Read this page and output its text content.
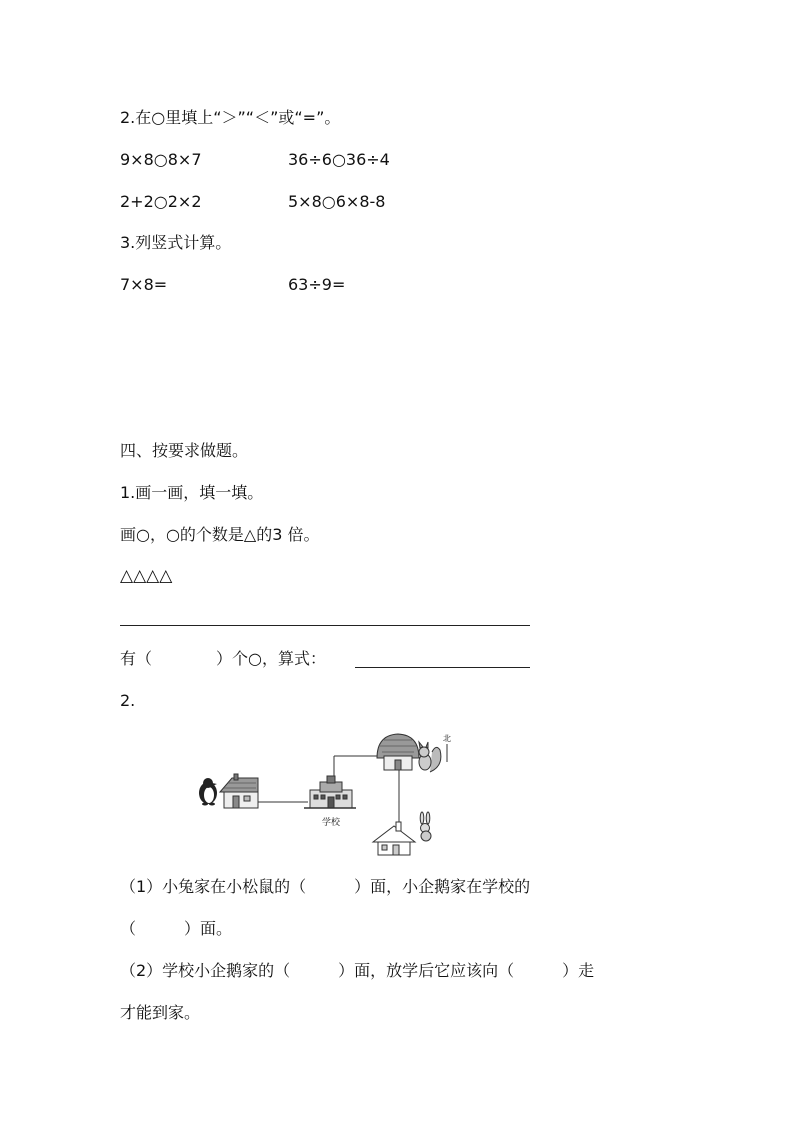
2.在○里填上“＞”“＜”或“=”。
9×8○8×7	36÷6○36÷4
2+2○2×2	5×8○6×8-8
3.列竖式计算。
7×8=	63÷9=
四、按要求做题。
1.画一画，填一填。
画○，○的个数是△的3 倍。
△△△△
有（　　　　）个○，算式：
2.
学校
北
（1）小兔家在小松鼠的（　　　）面，小企鹅家在学校的
（　　　）面。
（2）学校小企鹅家的（　　　）面，放学后它应该向（　　　）走
才能到家。
